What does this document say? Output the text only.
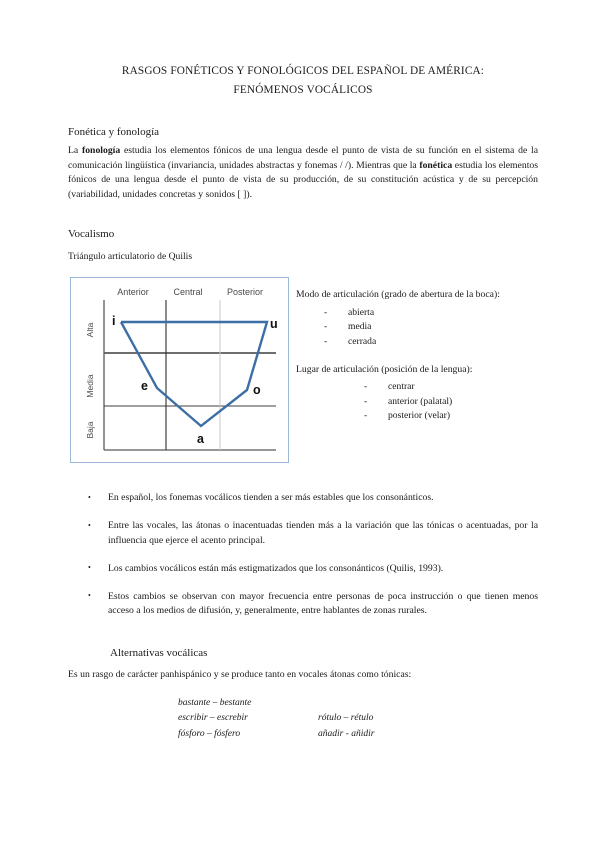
RASGOS FONÉTICOS Y FONOLÓGICOS DEL ESPAÑOL DE AMÉRICA:
FENÓMENOS VOCÁLICOS
Fonética y fonología

La fonología estudia los elementos fónicos de una lengua desde el punto de vista de su función en el sistema de la comunicación lingüística (invariancia, unidades abstractas y fonemas / /). Mientras que la fonética estudia los elementos fónicos de una lengua desde el punto de vista de su producción, de su constitución acústica y de su percepción (variabilidad, unidades concretas y sonidos [ ]).

Vocalismo
Triángulo articulatorio de Quilis
Anterior	Central	Posterior
Alta
Media
Baja
i	u
e	o
a

Modo de articulación (grado de abertura de la boca):

- abierta
- media
- cerrada

Lugar de articulación (posición de la lengua):

- centrar
- anterior (palatal)
- posterior (velar)
• En español, los fonemas vocálicos tienden a ser más estables que los consonánticos.
• Entre las vocales, las átonas o inacentuadas tienden más a la variación que las tónicas o acentuadas, por la influencia que ejerce el acento principal.
• Los cambios vocálicos están más estigmatizados que los consonánticos (Quilis, 1993).
• Estos cambios se observan con mayor frecuencia entre personas de poca instrucción o que tienen menos acceso a los medios de difusión, y, generalmente, entre hablantes de zonas rurales.
Alternativas vocálicas

Es un rasgo de carácter panhispánico y se produce tanto en vocales átonas como tónicas:

bastante – bestante
escribir – escrebir	rótulo – rétulo
fósforo – fósfero	añadir - añidir
